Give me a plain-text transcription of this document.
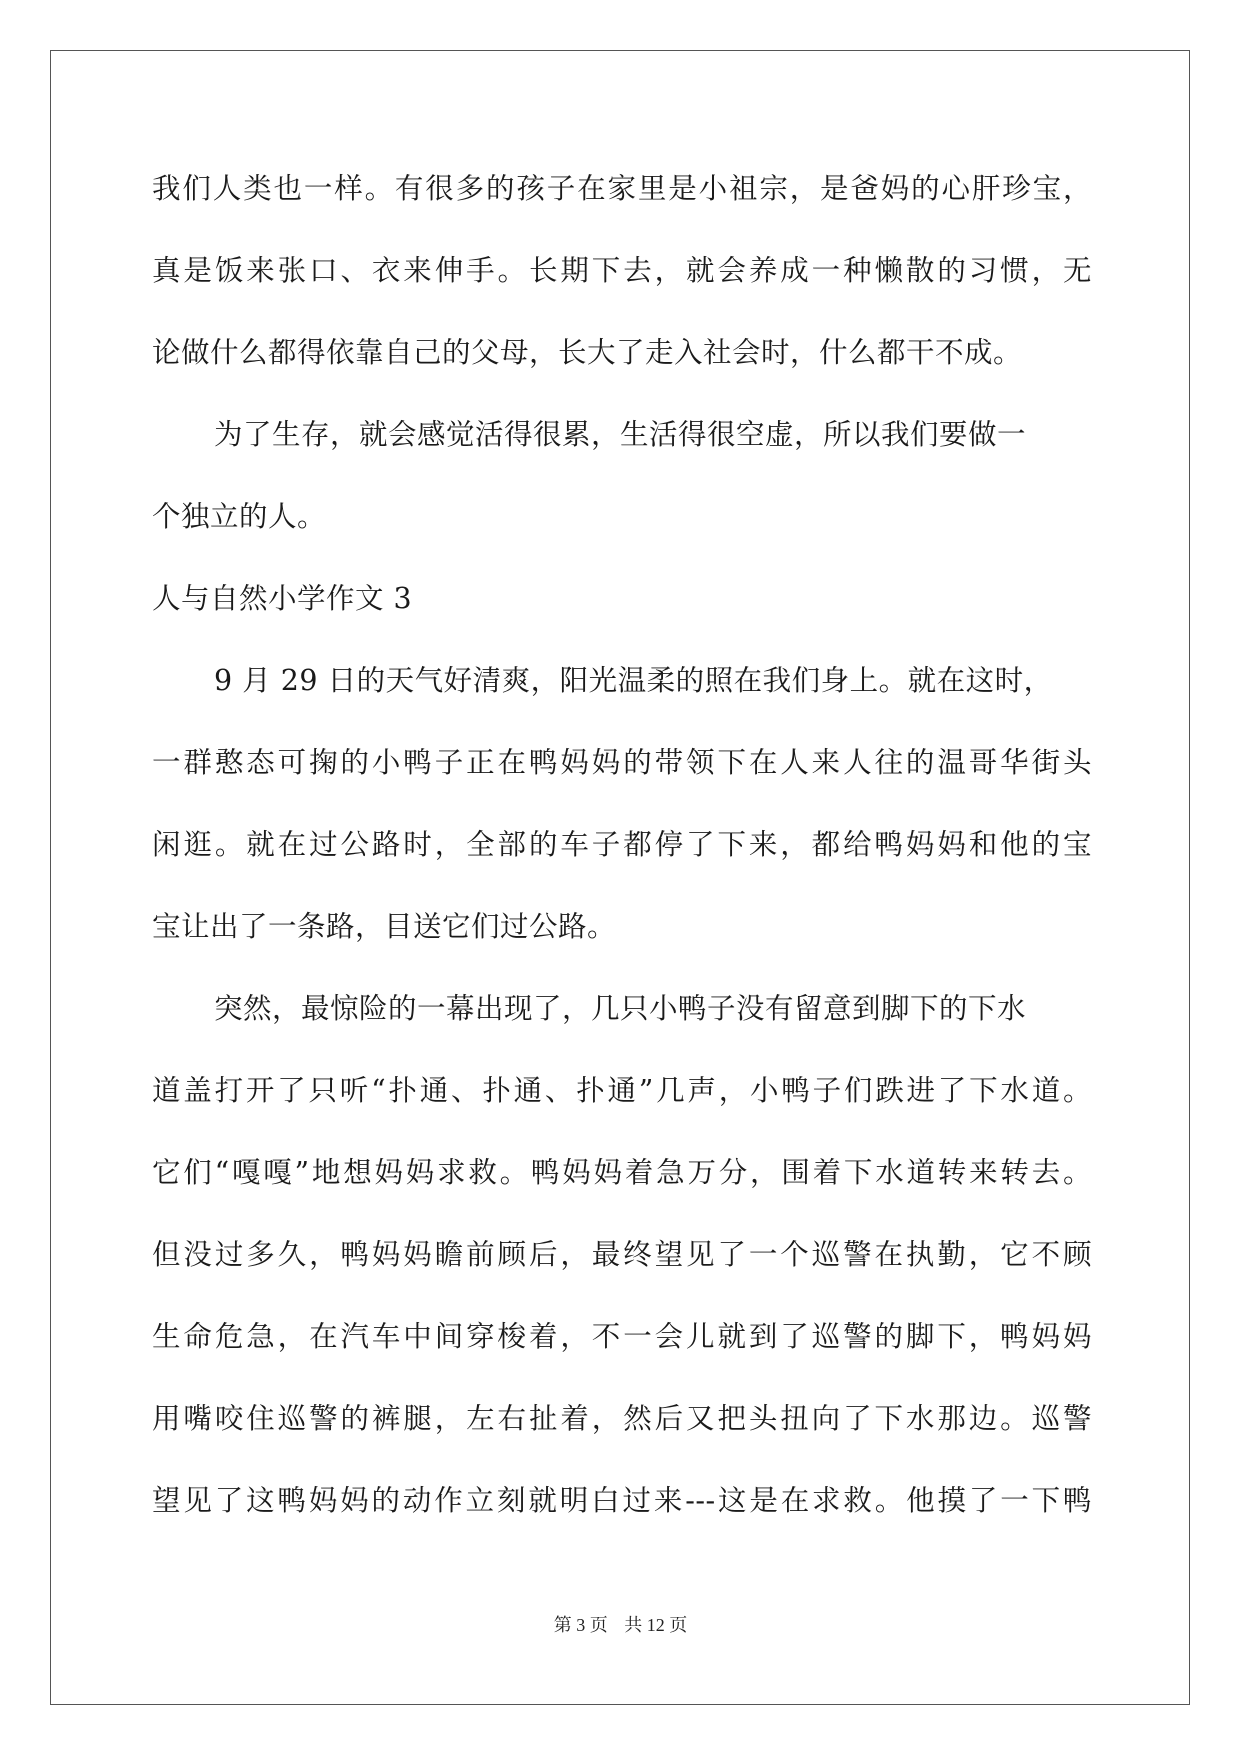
我们人类也一样。有很多的孩子在家里是小祖宗，是爸妈的心肝珍宝，
真是饭来张口、衣来伸手。长期下去，就会养成一种懒散的习惯，无
论做什么都得依靠自己的父母，长大了走入社会时，什么都干不成。
为了生存，就会感觉活得很累，生活得很空虚，所以我们要做一
个独立的人。
人与自然小学作文 3
9 月 29 日的天气好清爽，阳光温柔的照在我们身上。就在这时，
一群憨态可掬的小鸭子正在鸭妈妈的带领下在人来人往的温哥华街头
闲逛。就在过公路时，全部的车子都停了下来，都给鸭妈妈和他的宝
宝让出了一条路，目送它们过公路。
突然，最惊险的一幕出现了，几只小鸭子没有留意到脚下的下水
道盖打开了只听“扑通、扑通、扑通”几声，小鸭子们跌进了下水道。
它们“嘎嘎”地想妈妈求救。鸭妈妈着急万分，围着下水道转来转去。
但没过多久，鸭妈妈瞻前顾后，最终望见了一个巡警在执勤，它不顾
生命危急，在汽车中间穿梭着，不一会儿就到了巡警的脚下，鸭妈妈
用嘴咬住巡警的裤腿，左右扯着，然后又把头扭向了下水那边。巡警
望见了这鸭妈妈的动作立刻就明白过来---这是在求救。他摸了一下鸭
第 3 页 共 12 页
